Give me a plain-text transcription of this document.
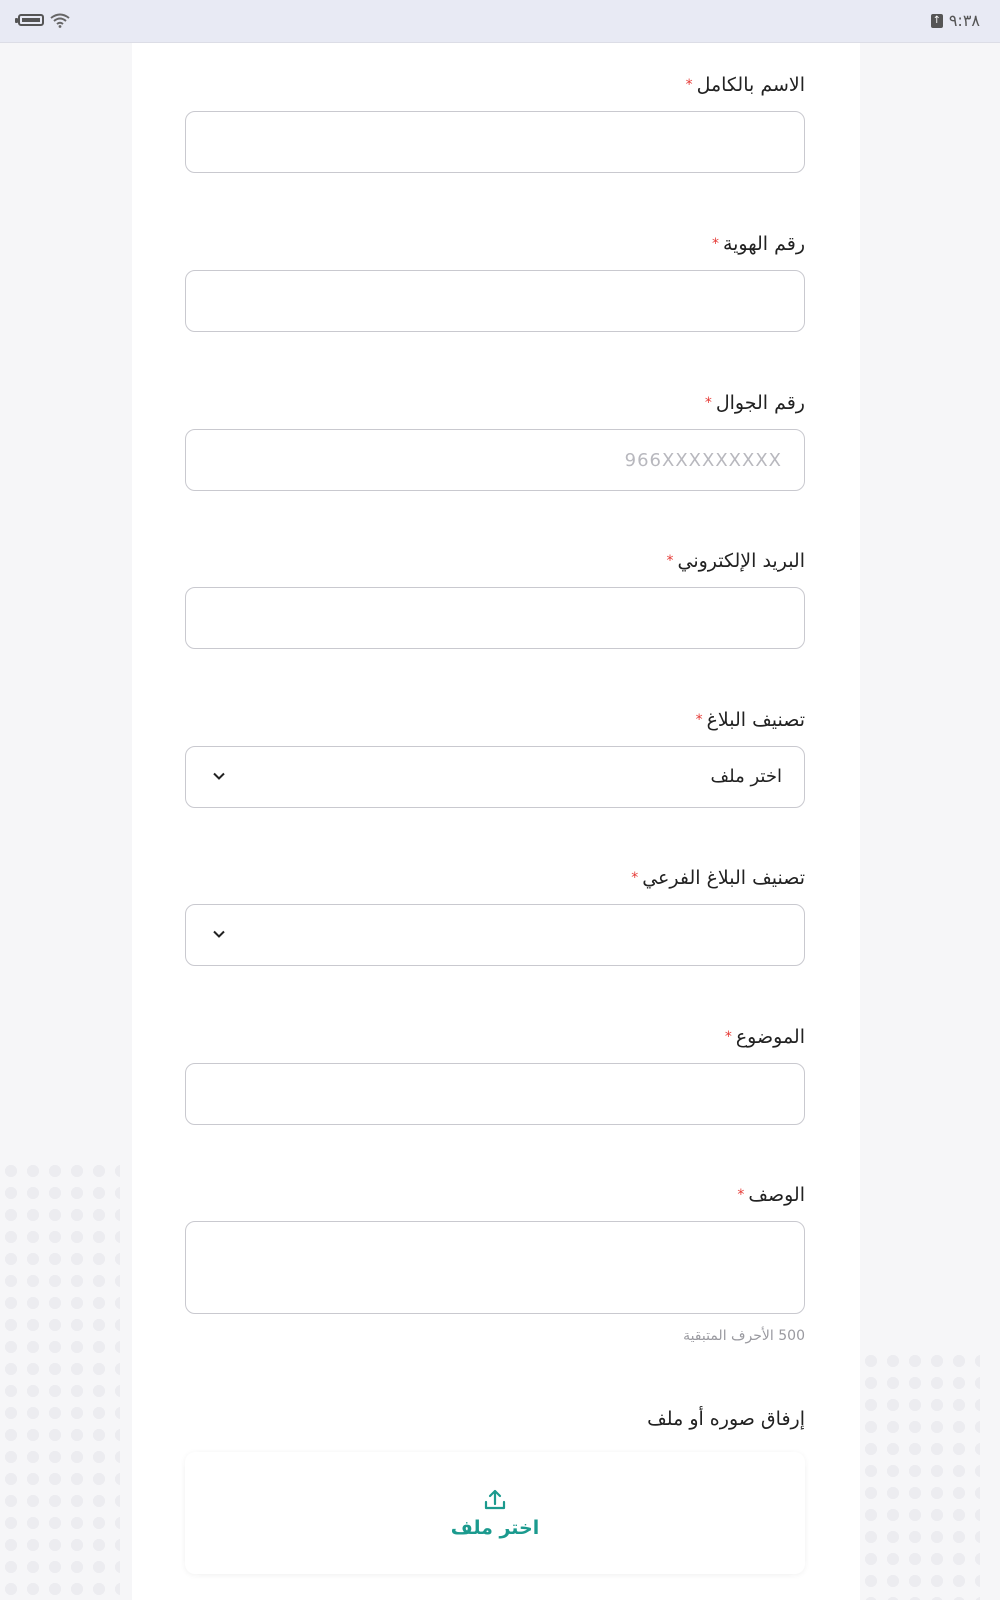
↑ ٩:٣٨
الاسم بالكامل*
رقم الهوية*
رقم الجوال*
966XXXXXXXXX
البريد الإلكتروني*
تصنيف البلاغ*
اختر ملف
تصنيف البلاغ الفرعي*
الموضوع*
الوصف*
500 الأحرف المتبقية
إرفاق صوره أو ملف
اختر ملف
